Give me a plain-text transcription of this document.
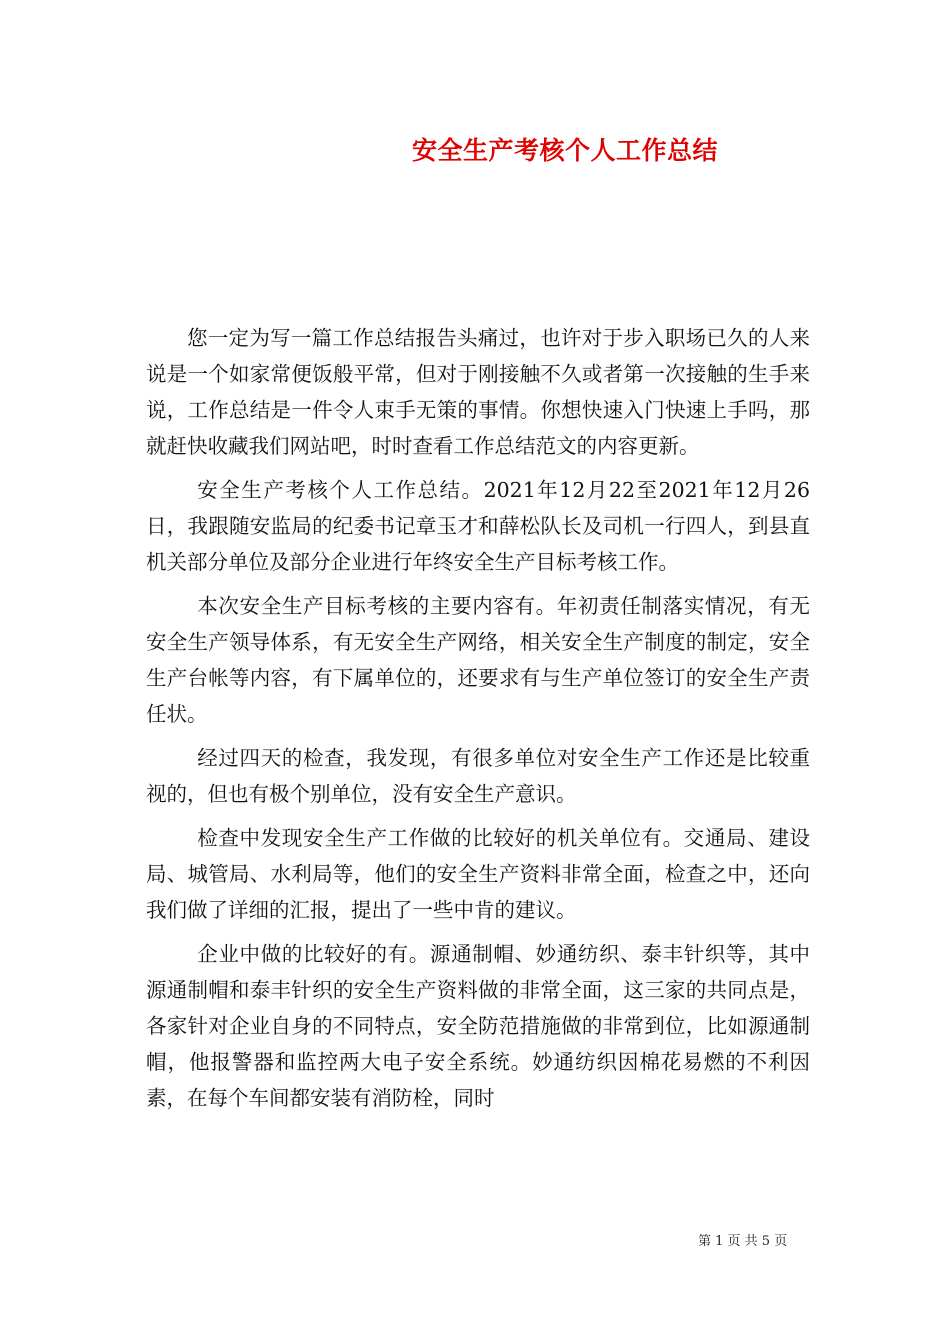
安全生产考核个人工作总结

您一定为写一篇工作总结报告头痛过，也许对于步入职场已久的人来说是一个如家常便饭般平常，但对于刚接触不久或者第一次接触的生手来说，工作总结是一件令人束手无策的事情。你想快速入门快速上手吗，那就赶快收藏我们网站吧，时时查看工作总结范文的内容更新。

安全生产考核个人工作总结。2021年12月22至2021年12月26日，我跟随安监局的纪委书记章玉才和薛松队长及司机一行四人，到县直机关部分单位及部分企业进行年终安全生产目标考核工作。

本次安全生产目标考核的主要内容有。年初责任制落实情况，有无安全生产领导体系，有无安全生产网络，相关安全生产制度的制定，安全生产台帐等内容，有下属单位的，还要求有与生产单位签订的安全生产责任状。

经过四天的检查，我发现，有很多单位对安全生产工作还是比较重视的，但也有极个别单位，没有安全生产意识。

检查中发现安全生产工作做的比较好的机关单位有。交通局、建设局、城管局、水利局等，他们的安全生产资料非常全面，检查之中，还向我们做了详细的汇报，提出了一些中肯的建议。

企业中做的比较好的有。源通制帽、妙通纺织、泰丰针织等，其中源通制帽和泰丰针织的安全生产资料做的非常全面，这三家的共同点是，各家针对企业自身的不同特点，安全防范措施做的非常到位，比如源通制帽，他报警器和监控两大电子安全系统。妙通纺织因棉花易燃的不利因素，在每个车间都安装有消防栓，同时

第 1 页 共 5 页
